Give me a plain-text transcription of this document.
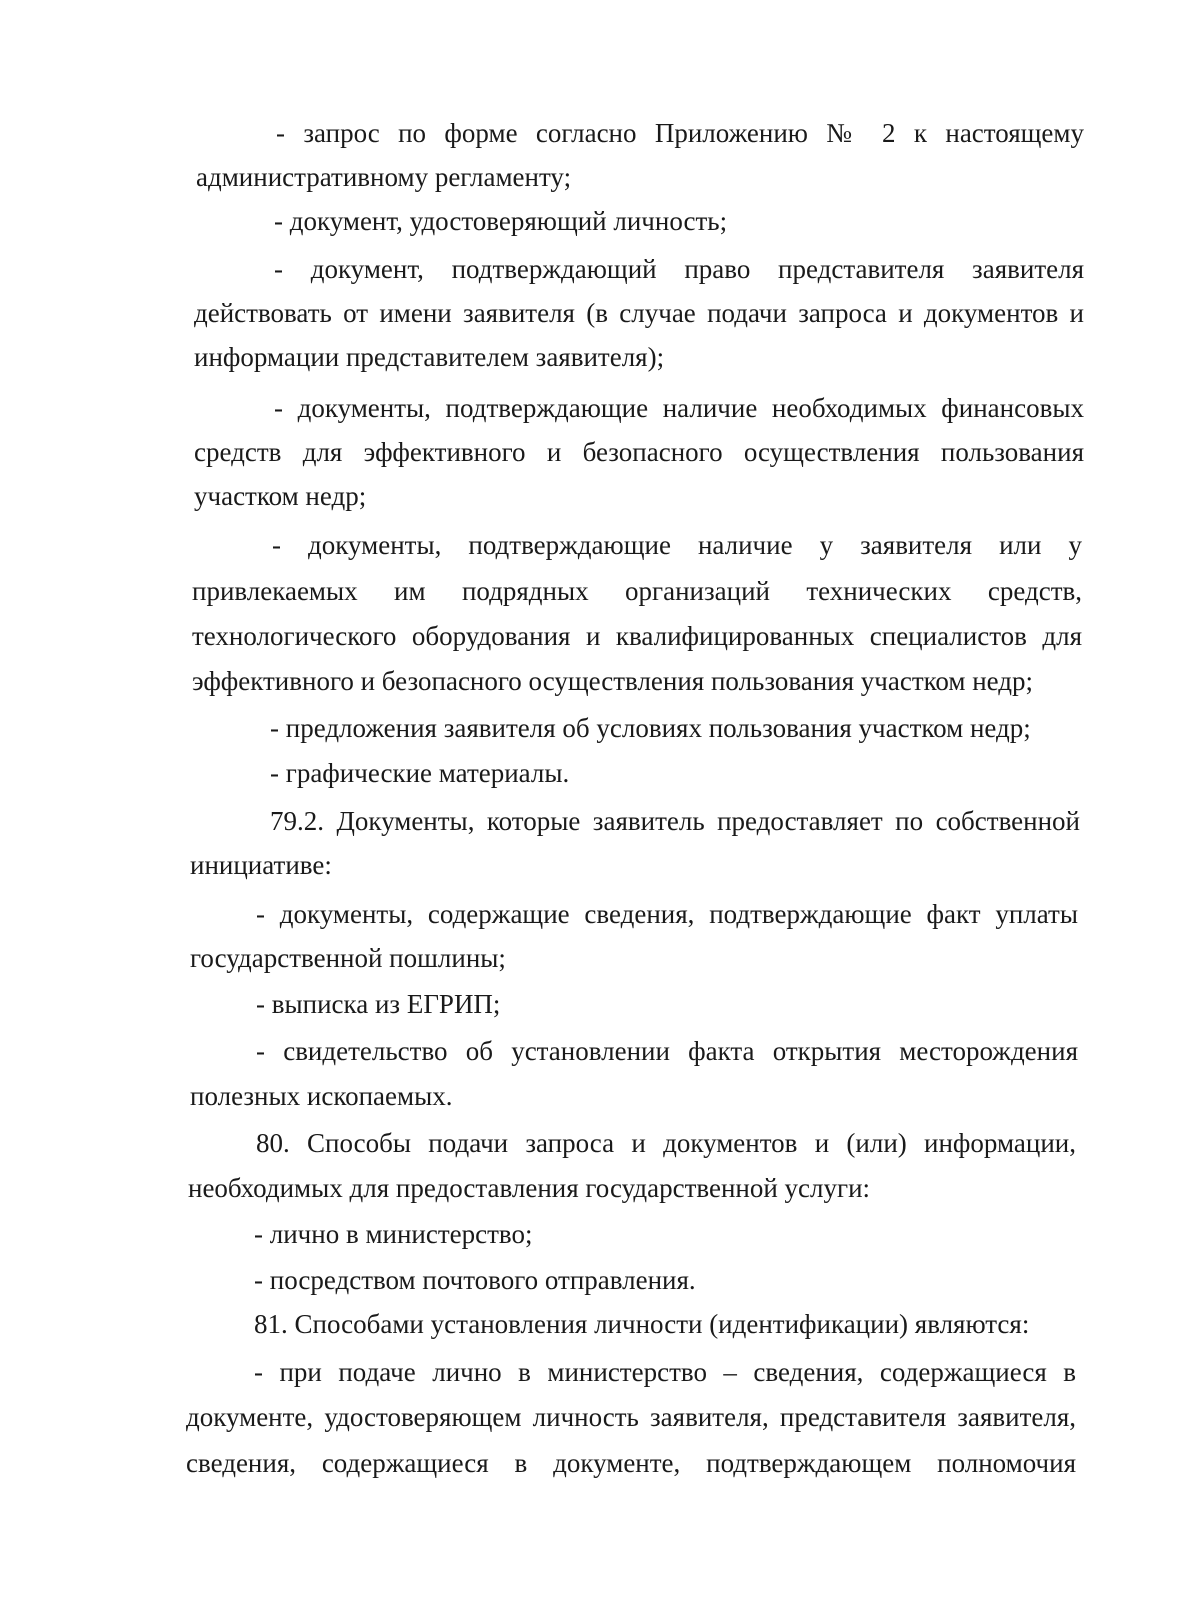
- запрос по форме согласно Приложению № 2 к настоящему
административному регламенту;
- документ, удостоверяющий личность;
- документ, подтверждающий право представителя заявителя
действовать от имени заявителя (в случае подачи запроса и документов и
информации представителем заявителя);
- документы, подтверждающие наличие необходимых финансовых
средств для эффективного и безопасного осуществления пользования
участком недр;
- документы, подтверждающие наличие у заявителя или у
привлекаемых им подрядных организаций технических средств,
технологического оборудования и квалифицированных специалистов для
эффективного и безопасного осуществления пользования участком недр;
- предложения заявителя об условиях пользования участком недр;
- графические материалы.
79.2. Документы, которые заявитель предоставляет по собственной
инициативе:
- документы, содержащие сведения, подтверждающие факт уплаты
государственной пошлины;
- выписка из ЕГРИП;
- свидетельство об установлении факта открытия месторождения
полезных ископаемых.
80. Способы подачи запроса и документов и (или) информации,
необходимых для предоставления государственной услуги:
- лично в министерство;
- посредством почтового отправления.
81. Способами установления личности (идентификации) являются:
- при подаче лично в министерство – сведения, содержащиеся в
документе, удостоверяющем личность заявителя, представителя заявителя,
сведения, содержащиеся в документе, подтверждающем полномочия
